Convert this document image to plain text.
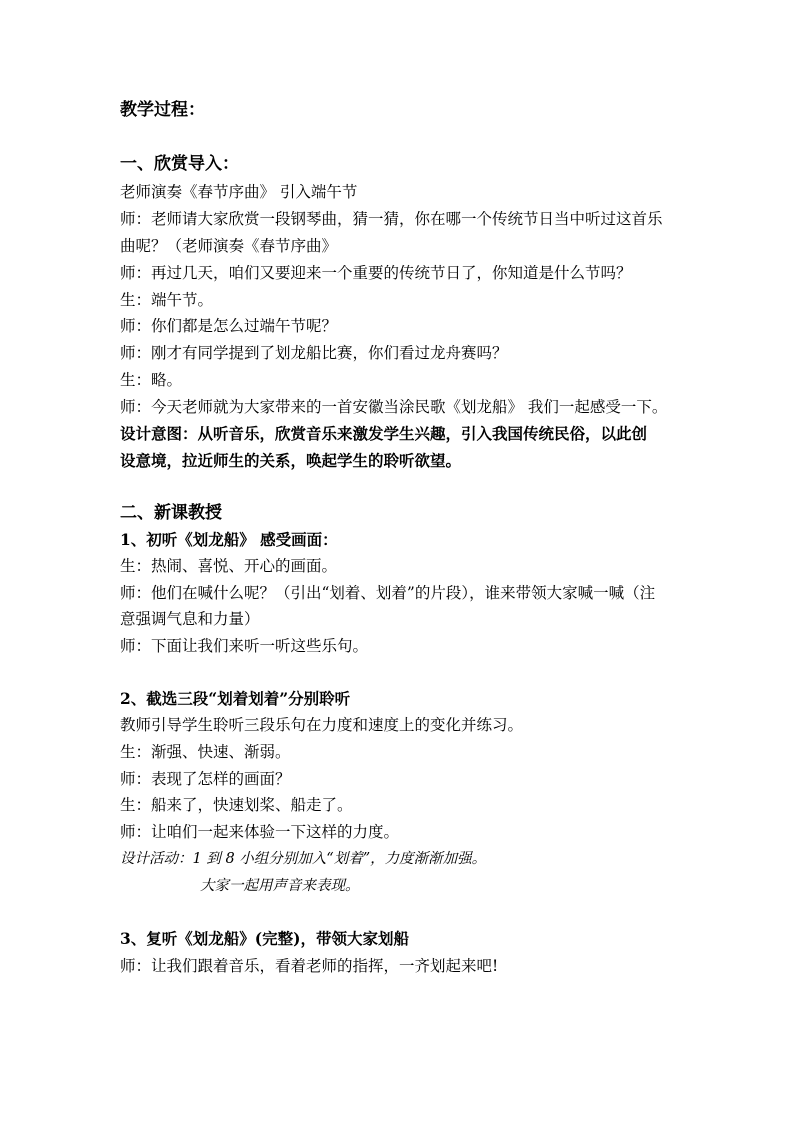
教学过程：
一、欣赏导入：
老师演奏《春节序曲》 引入端午节
师：老师请大家欣赏一段钢琴曲，猜一猜，你在哪一个传统节日当中听过这首乐
曲呢？（老师演奏《春节序曲》
师：再过几天，咱们又要迎来一个重要的传统节日了，你知道是什么节吗？
生：端午节。
师：你们都是怎么过端午节呢？
师：刚才有同学提到了划龙船比赛，你们看过龙舟赛吗？
生：略。
师：今天老师就为大家带来的一首安徽当涂民歌《划龙船》 我们一起感受一下。
设计意图：从听音乐，欣赏音乐来激发学生兴趣，引入我国传统民俗，以此创
设意境，拉近师生的关系，唤起学生的聆听欲望。
二、新课教授
1、初听《划龙船》 感受画面：
生：热闹、喜悦、开心的画面。
师：他们在喊什么呢？（引出“划着、划着”的片段），谁来带领大家喊一喊（注
意强调气息和力量）
师：下面让我们来听一听这些乐句。
2、截选三段“划着划着”分别聆听
教师引导学生聆听三段乐句在力度和速度上的变化并练习。
生：渐强、快速、渐弱。
师：表现了怎样的画面？
生：船来了，快速划桨、船走了。
师：让咱们一起来体验一下这样的力度。
设计活动：1 到 8 小组分别加入“划着”，力度渐渐加强。
大家一起用声音来表现。
3、复听《划龙船》(完整)，带领大家划船
师：让我们跟着音乐，看着老师的指挥，一齐划起来吧!
